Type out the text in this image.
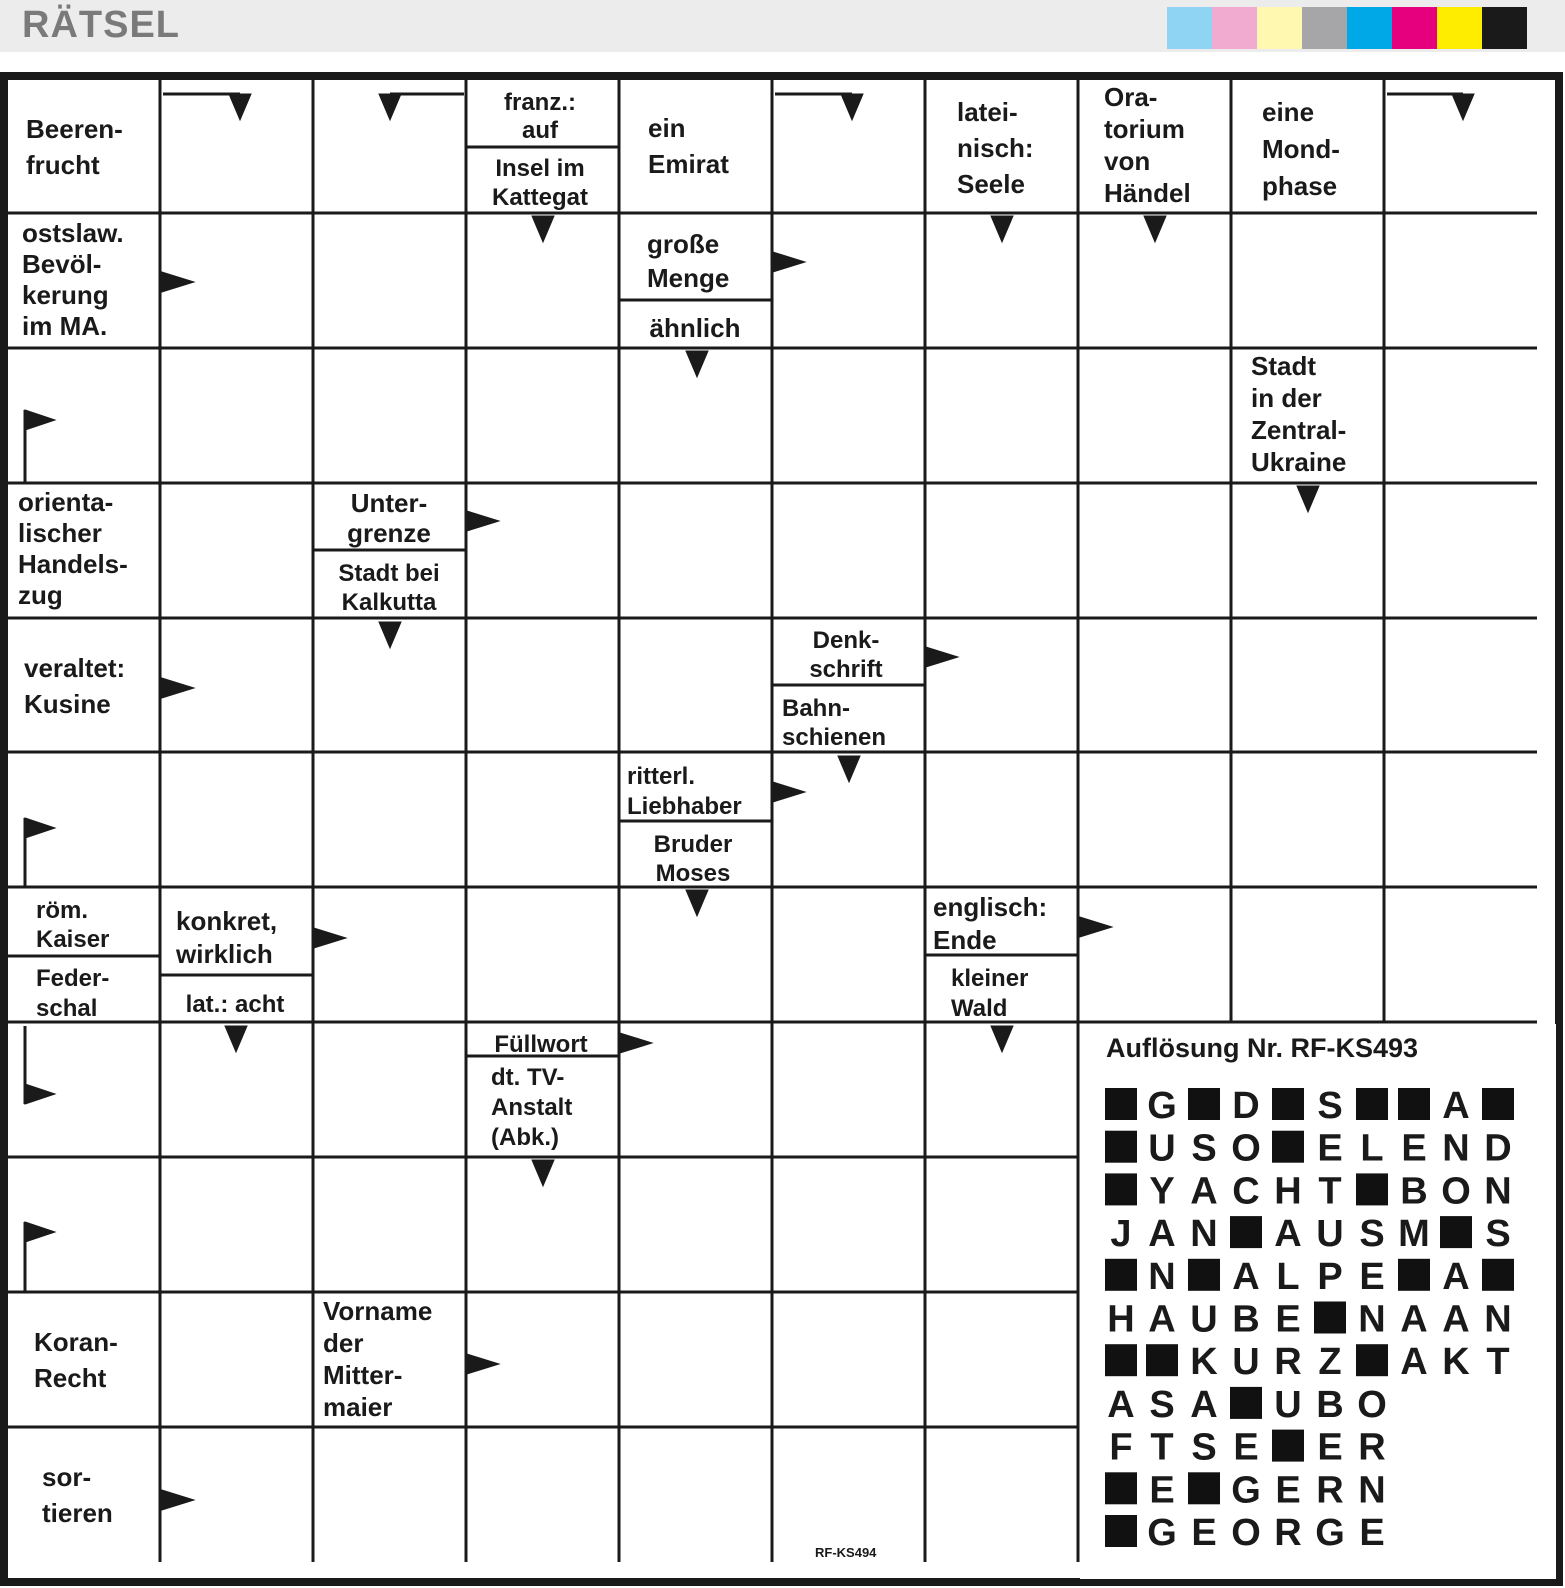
RÄTSEL
Beeren-
frucht
franz.:
auf
Insel im
Kattegat
ein
Emirat
latei-
nisch:
Seele
Ora-
torium
von
Händel
eine
Mond-
phase
ostslaw.
Bevöl-
kerung
im MA.
große
Menge
ähnlich
Stadt
in der
Zentral-
Ukraine
orienta-
lischer
Handels-
zug
Unter-
grenze
Stadt bei
Kalkutta
Denk-
schrift
veraltet:
Kusine	Bahn-
schienen
ritterl.
Liebhaber
Bruder
Moses
röm.
Kaiser
Feder-
schal
konkret,
wirklich
lat.: acht
englisch:
Ende
kleiner
Wald
Füllwort
dt. TV-
Anstalt
(Abk.)
Koran-
Recht
Vorname
der
Mitter-
maier
sor-
tieren
Auflösung Nr. RF-KS493
G D S	A
U S O E L E N D
Y A C H T B O N
J A N A U S M S
N A L P E A
H A U B E N A A N
K U R Z A K T
A S A U B O
F T S E E R
E G E R N
G E O R G E
RF-KS494
